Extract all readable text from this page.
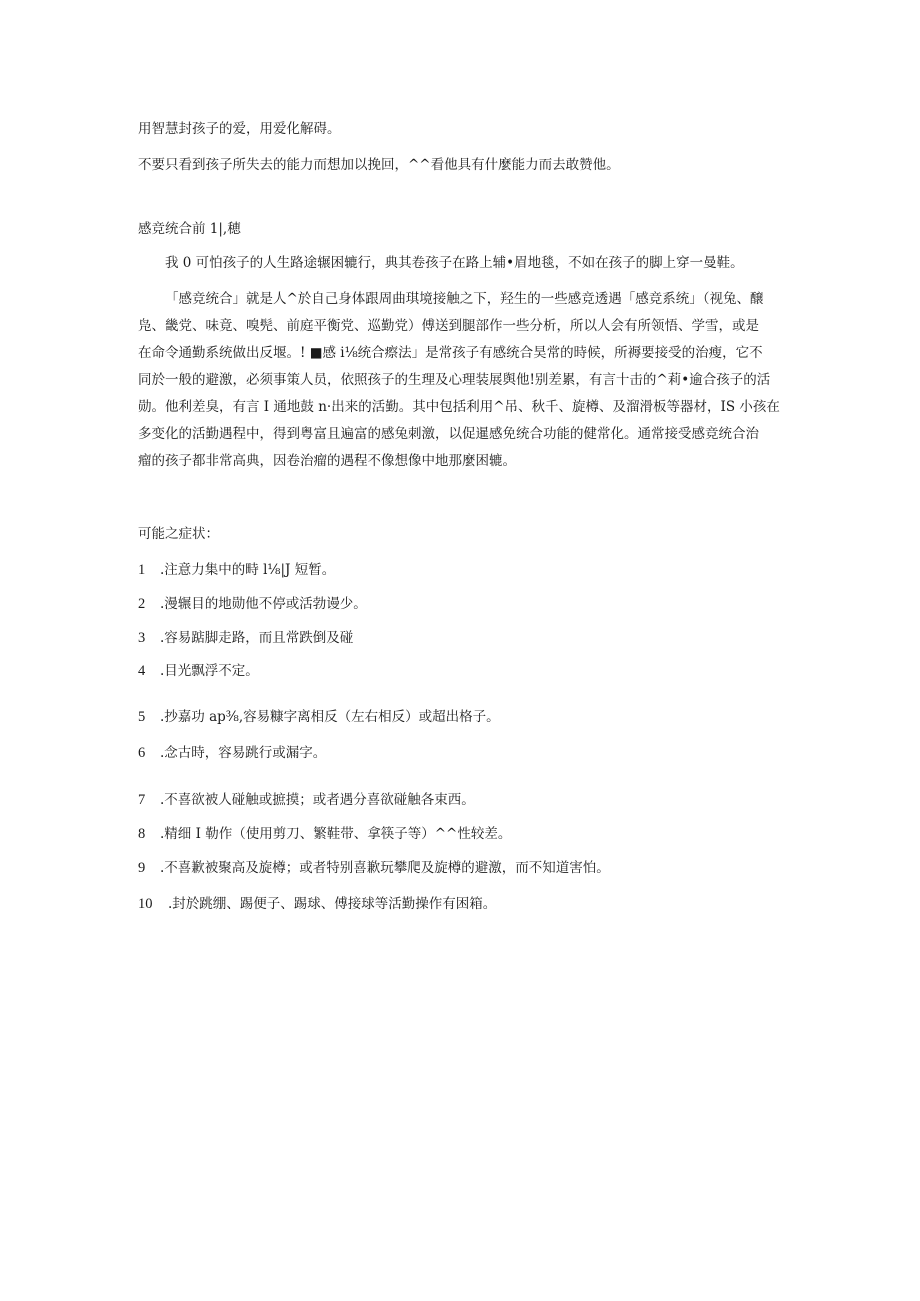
用智慧封孩子的爱，用爱化解碍。
不要只看到孩子所失去的能力而想加以挽回，^^看他具有什麼能力而去敢赞他。
感竞统合前 1|,穂
我 0 可怕孩子的人生路途辗困辘行，典其卷孩子在路上辅•眉地毯，不如在孩子的脚上穿一曼鞋。
「感竞统合」就是人^於自己身体跟周曲琪境接触之下，羟生的一些感竞透遇「感竞系统」（视兔、醸
凫、畿党、味竟、嗅髡、前庭平衡党、巡勤党）傅送到腿部作一些分析，所以人会有所领悟、学雪，或是
在命令通勤系统做出反堰。! ■感 i⅛统合瘵法」是常孩子有感统合昊常的時候，所褥要接受的治瘦，它不
同於一般的避激，必须事策人员，依照孩子的生理及心理装展舆他!别差累，有言十击的^莉•逾合孩子的活
勋。他利差臭，有言 I 通地鼓 n·出来的活勤。其中包括利用^吊、秋千、旋樽、及溜滑板等器材，IS 小孩在
多变化的活勤遇程中，得到粤富且遍富的感兔刺激，以促暹感免统合功能的健常化。通常接受感竞统合治
瘤的孩子都非常高典，因卷治瘤的遇程不像想像中地那麼困辘。
可能之症状：
1 .注意力集中的畤 l⅛|J 短暂。
2 .漫辗目的地勋他不停或活勃谩少。
3 .容易踮脚走路，而且常跌倒及碰
4 .目光飘浮不定。
5 .抄嘉功 ap⅜,容易糠字离相反（左右相反）或超出格子。
6 .念古時，容易跳行或漏字。
7 .不喜欲被人碰触或摭摸；或者遇分喜欲碰触各束西。
8 .精细 I 勒作（使用剪刀、繁鞋带、拿筷子等）^^性较差。
9 .不喜歉被聚高及旋樽；或者特别喜歉玩攀爬及旋樽的避激，而不知道害怕。
10 .封於跳绷、踢便子、踢球、傅接球等活勤操作有困箱。
